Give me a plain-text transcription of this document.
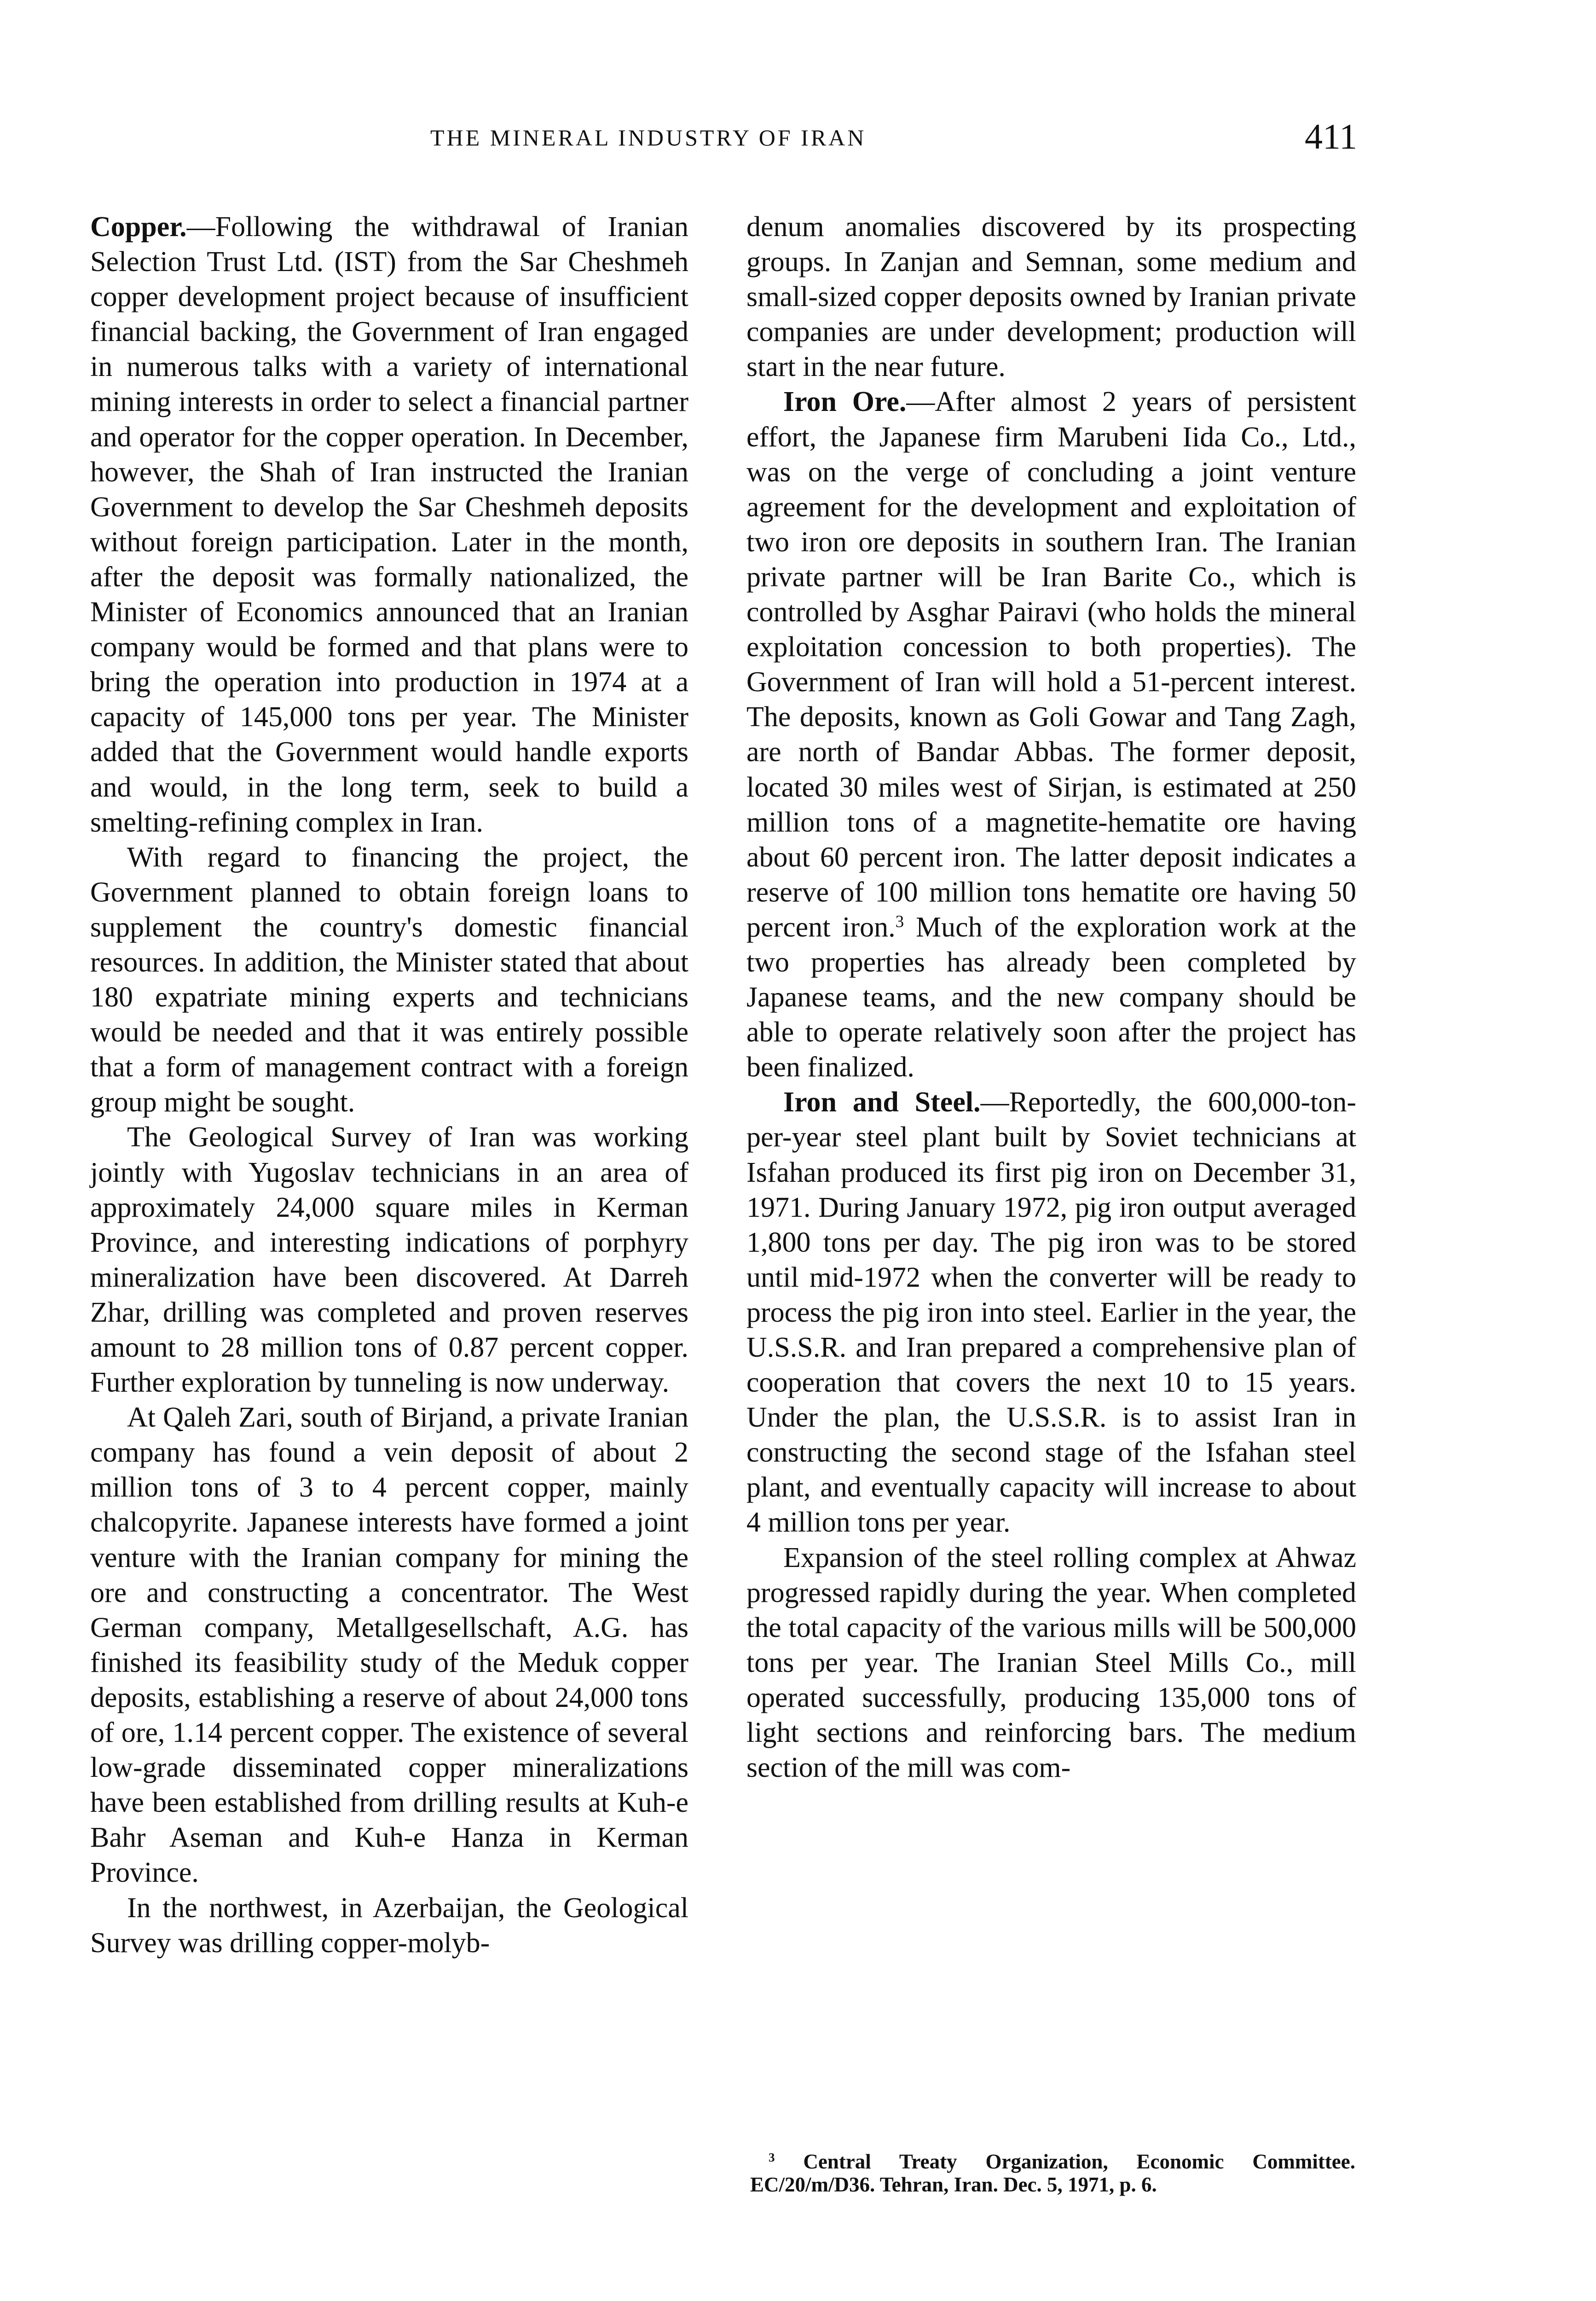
THE MINERAL INDUSTRY OF IRAN	411

Copper.—Following the withdrawal of Iranian Selection Trust Ltd. (IST) from the Sar Cheshmeh copper development project because of insufficient financial backing, the Government of Iran engaged in numerous talks with a variety of international mining interests in order to select a financial partner and operator for the copper operation. In December, however, the Shah of Iran instructed the Iranian Government to develop the Sar Cheshmeh deposits without foreign participation. Later in the month, after the deposit was formally nationalized, the Minister of Economics announced that an Iranian company would be formed and that plans were to bring the operation into production in 1974 at a capacity of 145,000 tons per year. The Minister added that the Government would handle exports and would, in the long term, seek to build a smelting-refining complex in Iran.

With regard to financing the project, the Government planned to obtain foreign loans to supplement the country's domestic financial resources. In addition, the Minister stated that about 180 expatriate mining experts and technicians would be needed and that it was entirely possible that a form of management contract with a foreign group might be sought.

The Geological Survey of Iran was working jointly with Yugoslav technicians in an area of approximately 24,000 square miles in Kerman Province, and interesting indications of porphyry mineralization have been discovered. At Darreh Zhar, drilling was completed and proven reserves amount to 28 million tons of 0.87 percent copper. Further exploration by tunneling is now underway.

At Qaleh Zari, south of Birjand, a private Iranian company has found a vein deposit of about 2 million tons of 3 to 4 percent copper, mainly chalcopyrite. Japanese interests have formed a joint venture with the Iranian company for mining the ore and constructing a concentrator. The West German company, Metallgesellschaft, A.G. has finished its feasibility study of the Meduk copper deposits, establishing a reserve of about 24,000 tons of ore, 1.14 percent copper. The existence of several low-grade disseminated copper mineralizations have been established from drilling results at Kuh-e Bahr Aseman and Kuh-e Hanza in Kerman Province.

In the northwest, in Azerbaijan, the Geological Survey was drilling copper-molyb-

denum anomalies discovered by its prospecting groups. In Zanjan and Semnan, some medium and small-sized copper deposits owned by Iranian private companies are under development; production will start in the near future.

Iron Ore.—After almost 2 years of persistent effort, the Japanese firm Marubeni Iida Co., Ltd., was on the verge of concluding a joint venture agreement for the development and exploitation of two iron ore deposits in southern Iran. The Iranian private partner will be Iran Barite Co., which is controlled by Asghar Pairavi (who holds the mineral exploitation concession to both properties). The Government of Iran will hold a 51-percent interest. The deposits, known as Goli Gowar and Tang Zagh, are north of Bandar Abbas. The former deposit, located 30 miles west of Sirjan, is estimated at 250 million tons of a magnetite-hematite ore having about 60 percent iron. The latter deposit indicates a reserve of 100 million tons hematite ore having 50 percent iron.$^3$ Much of the exploration work at the two properties has already been completed by Japanese teams, and the new company should be able to operate relatively soon after the project has been finalized.

Iron and Steel.—Reportedly, the 600,000-ton-per-year steel plant built by Soviet technicians at Isfahan produced its first pig iron on December 31, 1971. During January 1972, pig iron output averaged 1,800 tons per day. The pig iron was to be stored until mid-1972 when the converter will be ready to process the pig iron into steel. Earlier in the year, the U.S.S.R. and Iran prepared a comprehensive plan of cooperation that covers the next 10 to 15 years. Under the plan, the U.S.S.R. is to assist Iran in constructing the second stage of the Isfahan steel plant, and eventually capacity will increase to about 4 million tons per year.

Expansion of the steel rolling complex at Ahwaz progressed rapidly during the year. When completed the total capacity of the various mills will be 500,000 tons per year. The Iranian Steel Mills Co., mill operated successfully, producing 135,000 tons of light sections and reinforcing bars. The medium section of the mill was com-

$^3$ Central Treaty Organization, Economic Committee. EC/20/m/D36. Tehran, Iran. Dec. 5, 1971, p. 6.
